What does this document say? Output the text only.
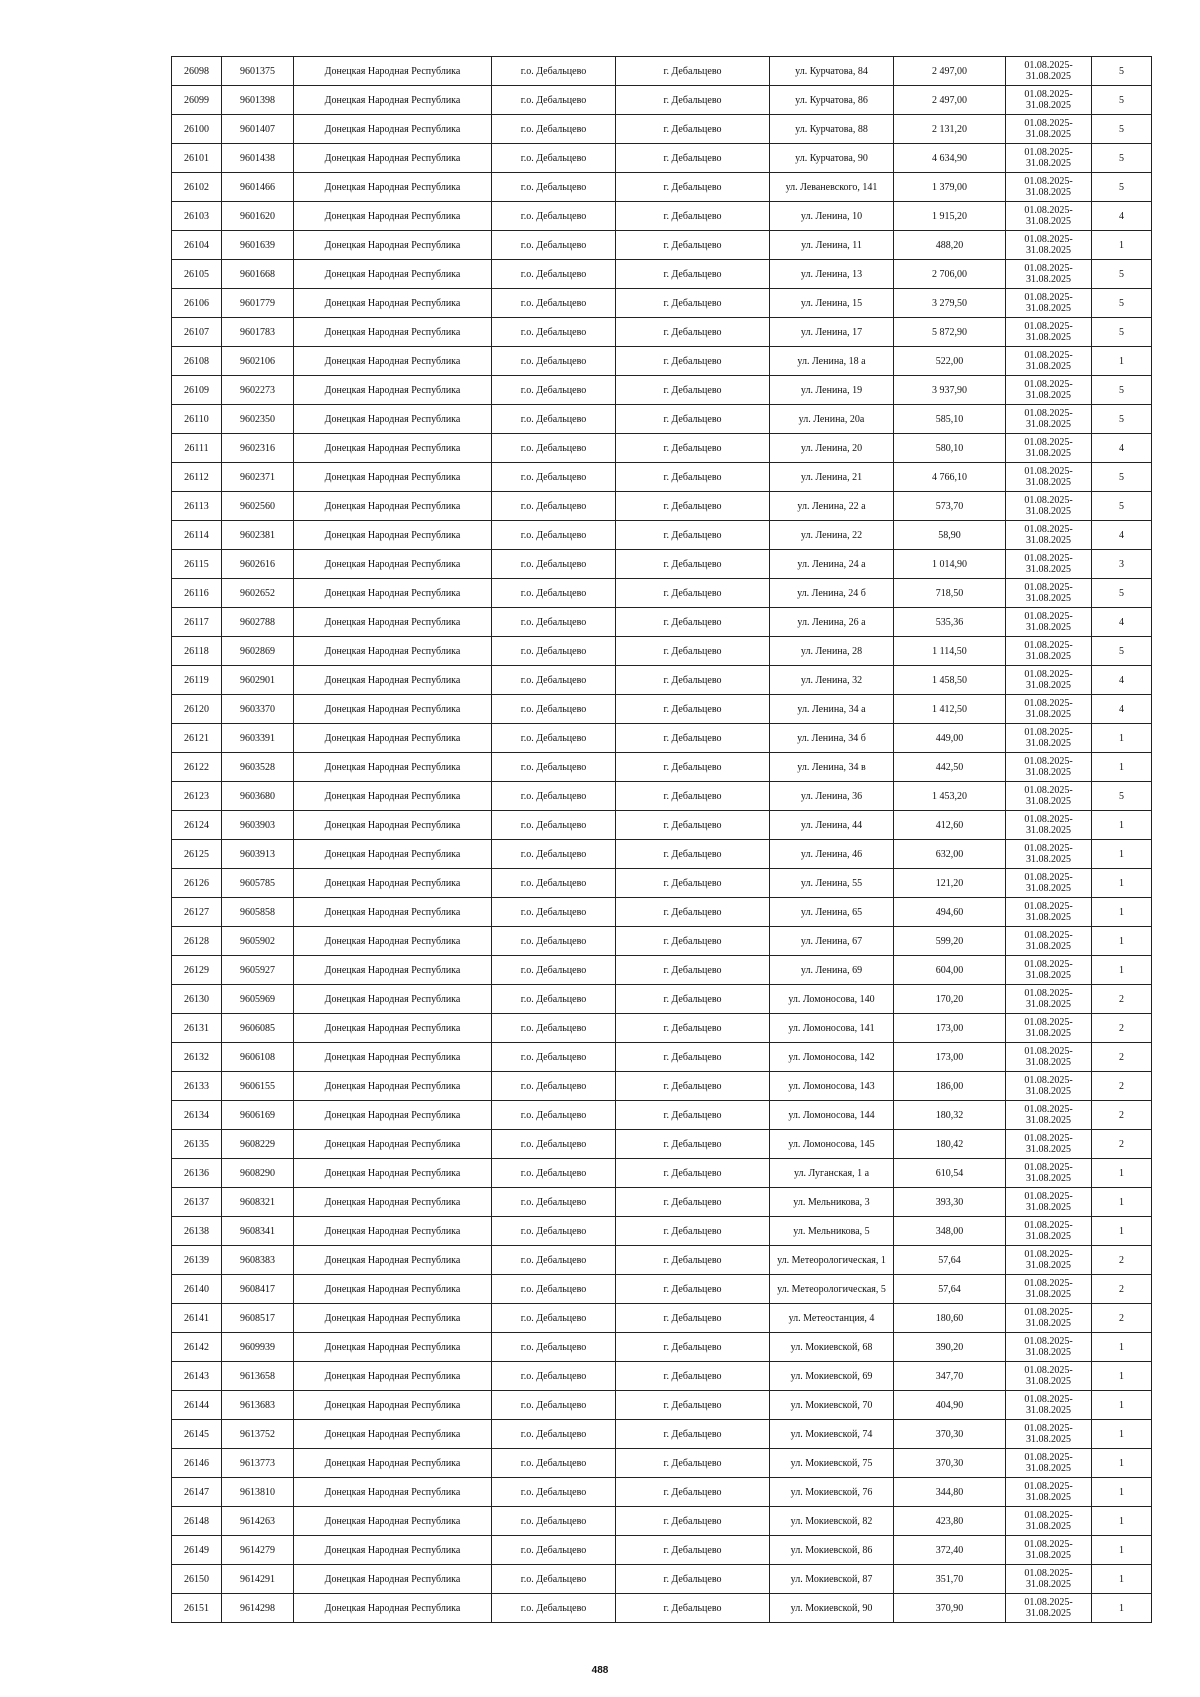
26098	9601375	Донецкая Народная Республика	г.о. Дебальцево	г. Дебальцево	ул. Курчатова, 84	2 497,00	01.08.2025-
31.08.2025	5
26099	9601398	Донецкая Народная Республика	г.о. Дебальцево	г. Дебальцево	ул. Курчатова, 86	2 497,00	01.08.2025-
31.08.2025	5
26100	9601407	Донецкая Народная Республика	г.о. Дебальцево	г. Дебальцево	ул. Курчатова, 88	2 131,20	01.08.2025-
31.08.2025	5
26101	9601438	Донецкая Народная Республика	г.о. Дебальцево	г. Дебальцево	ул. Курчатова, 90	4 634,90	01.08.2025-
31.08.2025	5
26102	9601466	Донецкая Народная Республика	г.о. Дебальцево	г. Дебальцево	ул. Леваневского, 141	1 379,00	01.08.2025-
31.08.2025	5
26103	9601620	Донецкая Народная Республика	г.о. Дебальцево	г. Дебальцево	ул. Ленина, 10	1 915,20	01.08.2025-
31.08.2025	4
26104	9601639	Донецкая Народная Республика	г.о. Дебальцево	г. Дебальцево	ул. Ленина, 11	488,20	01.08.2025-
31.08.2025	1
26105	9601668	Донецкая Народная Республика	г.о. Дебальцево	г. Дебальцево	ул. Ленина, 13	2 706,00	01.08.2025-
31.08.2025	5
26106	9601779	Донецкая Народная Республика	г.о. Дебальцево	г. Дебальцево	ул. Ленина, 15	3 279,50	01.08.2025-
31.08.2025	5
26107	9601783	Донецкая Народная Республика	г.о. Дебальцево	г. Дебальцево	ул. Ленина, 17	5 872,90	01.08.2025-
31.08.2025	5
26108	9602106	Донецкая Народная Республика	г.о. Дебальцево	г. Дебальцево	ул. Ленина, 18 а	522,00	01.08.2025-
31.08.2025	1
26109	9602273	Донецкая Народная Республика	г.о. Дебальцево	г. Дебальцево	ул. Ленина, 19	3 937,90	01.08.2025-
31.08.2025	5
26110	9602350	Донецкая Народная Республика	г.о. Дебальцево	г. Дебальцево	ул. Ленина, 20а	585,10	01.08.2025-
31.08.2025	5
26111	9602316	Донецкая Народная Республика	г.о. Дебальцево	г. Дебальцево	ул. Ленина, 20	580,10	01.08.2025-
31.08.2025	4
26112	9602371	Донецкая Народная Республика	г.о. Дебальцево	г. Дебальцево	ул. Ленина, 21	4 766,10	01.08.2025-
31.08.2025	5
26113	9602560	Донецкая Народная Республика	г.о. Дебальцево	г. Дебальцево	ул. Ленина, 22 а	573,70	01.08.2025-
31.08.2025	5
26114	9602381	Донецкая Народная Республика	г.о. Дебальцево	г. Дебальцево	ул. Ленина, 22	58,90	01.08.2025-
31.08.2025	4
26115	9602616	Донецкая Народная Республика	г.о. Дебальцево	г. Дебальцево	ул. Ленина, 24 а	1 014,90	01.08.2025-
31.08.2025	3
26116	9602652	Донецкая Народная Республика	г.о. Дебальцево	г. Дебальцево	ул. Ленина, 24 б	718,50	01.08.2025-
31.08.2025	5
26117	9602788	Донецкая Народная Республика	г.о. Дебальцево	г. Дебальцево	ул. Ленина, 26 а	535,36	01.08.2025-
31.08.2025	4
26118	9602869	Донецкая Народная Республика	г.о. Дебальцево	г. Дебальцево	ул. Ленина, 28	1 114,50	01.08.2025-
31.08.2025	5
26119	9602901	Донецкая Народная Республика	г.о. Дебальцево	г. Дебальцево	ул. Ленина, 32	1 458,50	01.08.2025-
31.08.2025	4
26120	9603370	Донецкая Народная Республика	г.о. Дебальцево	г. Дебальцево	ул. Ленина, 34 а	1 412,50	01.08.2025-
31.08.2025	4
26121	9603391	Донецкая Народная Республика	г.о. Дебальцево	г. Дебальцево	ул. Ленина, 34 б	449,00	01.08.2025-
31.08.2025	1
26122	9603528	Донецкая Народная Республика	г.о. Дебальцево	г. Дебальцево	ул. Ленина, 34 в	442,50	01.08.2025-
31.08.2025	1
26123	9603680	Донецкая Народная Республика	г.о. Дебальцево	г. Дебальцево	ул. Ленина, 36	1 453,20	01.08.2025-
31.08.2025	5
26124	9603903	Донецкая Народная Республика	г.о. Дебальцево	г. Дебальцево	ул. Ленина, 44	412,60	01.08.2025-
31.08.2025	1
26125	9603913	Донецкая Народная Республика	г.о. Дебальцево	г. Дебальцево	ул. Ленина, 46	632,00	01.08.2025-
31.08.2025	1
26126	9605785	Донецкая Народная Республика	г.о. Дебальцево	г. Дебальцево	ул. Ленина, 55	121,20	01.08.2025-
31.08.2025	1
26127	9605858	Донецкая Народная Республика	г.о. Дебальцево	г. Дебальцево	ул. Ленина, 65	494,60	01.08.2025-
31.08.2025	1
26128	9605902	Донецкая Народная Республика	г.о. Дебальцево	г. Дебальцево	ул. Ленина, 67	599,20	01.08.2025-
31.08.2025	1
26129	9605927	Донецкая Народная Республика	г.о. Дебальцево	г. Дебальцево	ул. Ленина, 69	604,00	01.08.2025-
31.08.2025	1
26130	9605969	Донецкая Народная Республика	г.о. Дебальцево	г. Дебальцево	ул. Ломоносова, 140	170,20	01.08.2025-
31.08.2025	2
26131	9606085	Донецкая Народная Республика	г.о. Дебальцево	г. Дебальцево	ул. Ломоносова, 141	173,00	01.08.2025-
31.08.2025	2
26132	9606108	Донецкая Народная Республика	г.о. Дебальцево	г. Дебальцево	ул. Ломоносова, 142	173,00	01.08.2025-
31.08.2025	2
26133	9606155	Донецкая Народная Республика	г.о. Дебальцево	г. Дебальцево	ул. Ломоносова, 143	186,00	01.08.2025-
31.08.2025	2
26134	9606169	Донецкая Народная Республика	г.о. Дебальцево	г. Дебальцево	ул. Ломоносова, 144	180,32	01.08.2025-
31.08.2025	2
26135	9608229	Донецкая Народная Республика	г.о. Дебальцево	г. Дебальцево	ул. Ломоносова, 145	180,42	01.08.2025-
31.08.2025	2
26136	9608290	Донецкая Народная Республика	г.о. Дебальцево	г. Дебальцево	ул. Луганская, 1 а	610,54	01.08.2025-
31.08.2025	1
26137	9608321	Донецкая Народная Республика	г.о. Дебальцево	г. Дебальцево	ул. Мельникова, 3	393,30	01.08.2025-
31.08.2025	1
26138	9608341	Донецкая Народная Республика	г.о. Дебальцево	г. Дебальцево	ул. Мельникова, 5	348,00	01.08.2025-
31.08.2025	1
26139	9608383	Донецкая Народная Республика	г.о. Дебальцево	г. Дебальцево	ул. Метеорологическая, 1	57,64	01.08.2025-
31.08.2025	2
26140	9608417	Донецкая Народная Республика	г.о. Дебальцево	г. Дебальцево	ул. Метеорологическая, 5	57,64	01.08.2025-
31.08.2025	2
26141	9608517	Донецкая Народная Республика	г.о. Дебальцево	г. Дебальцево	ул. Метеостанция, 4	180,60	01.08.2025-
31.08.2025	2
26142	9609939	Донецкая Народная Республика	г.о. Дебальцево	г. Дебальцево	ул. Мокиевской, 68	390,20	01.08.2025-
31.08.2025	1
26143	9613658	Донецкая Народная Республика	г.о. Дебальцево	г. Дебальцево	ул. Мокиевской, 69	347,70	01.08.2025-
31.08.2025	1
26144	9613683	Донецкая Народная Республика	г.о. Дебальцево	г. Дебальцево	ул. Мокиевской, 70	404,90	01.08.2025-
31.08.2025	1
26145	9613752	Донецкая Народная Республика	г.о. Дебальцево	г. Дебальцево	ул. Мокиевской, 74	370,30	01.08.2025-
31.08.2025	1
26146	9613773	Донецкая Народная Республика	г.о. Дебальцево	г. Дебальцево	ул. Мокиевской, 75	370,30	01.08.2025-
31.08.2025	1
26147	9613810	Донецкая Народная Республика	г.о. Дебальцево	г. Дебальцево	ул. Мокиевской, 76	344,80	01.08.2025-
31.08.2025	1
26148	9614263	Донецкая Народная Республика	г.о. Дебальцево	г. Дебальцево	ул. Мокиевской, 82	423,80	01.08.2025-
31.08.2025	1
26149	9614279	Донецкая Народная Республика	г.о. Дебальцево	г. Дебальцево	ул. Мокиевской, 86	372,40	01.08.2025-
31.08.2025	1
26150	9614291	Донецкая Народная Республика	г.о. Дебальцево	г. Дебальцево	ул. Мокиевской, 87	351,70	01.08.2025-
31.08.2025	1
26151	9614298	Донецкая Народная Республика	г.о. Дебальцево	г. Дебальцево	ул. Мокиевской, 90	370,90	01.08.2025-
31.08.2025	1
488
